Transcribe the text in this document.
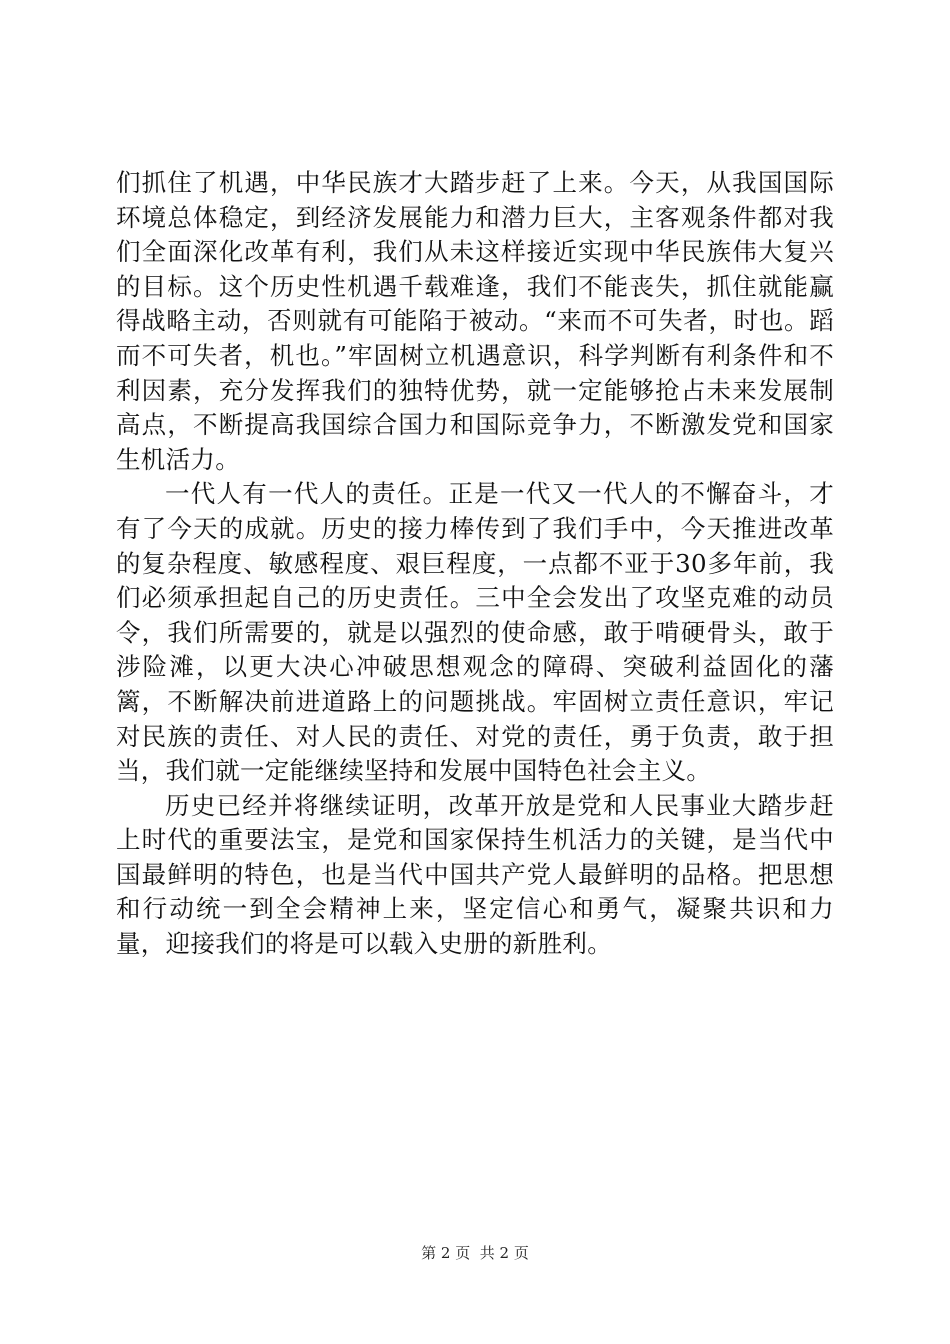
们抓住了机遇，中华民族才大踏步赶了上来。今天，从我国国际环境总体稳定，到经济发展能力和潜力巨大，主客观条件都对我们全面深化改革有利，我们从未这样接近实现中华民族伟大复兴的目标。这个历史性机遇千载难逢，我们不能丧失，抓住就能赢得战略主动，否则就有可能陷于被动。“来而不可失者，时也。蹈而不可失者，机也。”牢固树立机遇意识，科学判断有利条件和不利因素，充分发挥我们的独特优势，就一定能够抢占未来发展制高点，不断提高我国综合国力和国际竞争力，不断激发党和国家生机活力。

一代人有一代人的责任。正是一代又一代人的不懈奋斗，才有了今天的成就。历史的接力棒传到了我们手中，今天推进改革的复杂程度、敏感程度、艰巨程度，一点都不亚于30多年前，我们必须承担起自己的历史责任。三中全会发出了攻坚克难的动员令，我们所需要的，就是以强烈的使命感，敢于啃硬骨头，敢于涉险滩，以更大决心冲破思想观念的障碍、突破利益固化的藩篱，不断解决前进道路上的问题挑战。牢固树立责任意识，牢记对民族的责任、对人民的责任、对党的责任，勇于负责，敢于担当，我们就一定能继续坚持和发展中国特色社会主义。

历史已经并将继续证明，改革开放是党和人民事业大踏步赶上时代的重要法宝，是党和国家保持生机活力的关键，是当代中国最鲜明的特色，也是当代中国共产党人最鲜明的品格。把思想和行动统一到全会精神上来，坚定信心和勇气，凝聚共识和力量，迎接我们的将是可以载入史册的新胜利。

第 2 页  共 2 页
